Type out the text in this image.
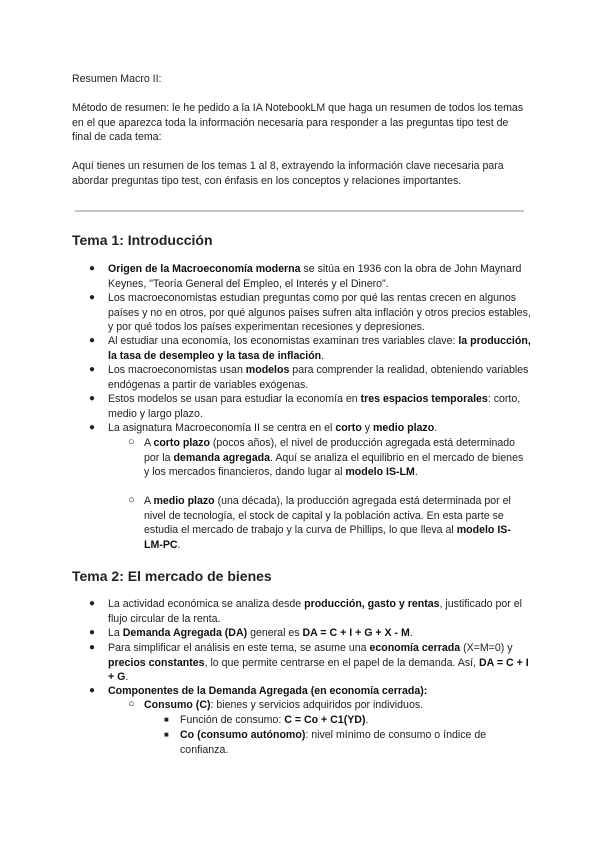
Resumen Macro II:

Método de resumen: le he pedido a la IA NotebookLM que haga un resumen de todos los temas en el que aparezca toda la información necesaria para responder a las preguntas tipo test de final de cada tema:

Aquí tienes un resumen de los temas 1 al 8, extrayendo la información clave necesaria para abordar preguntas tipo test, con énfasis en los conceptos y relaciones importantes.

Tema 1: Introducción
● Origen de la Macroeconomía moderna se sitúa en 1936 con la obra de John Maynard Keynes, "Teoría General del Empleo, el Interés y el Dinero".
● Los macroeconomistas estudian preguntas como por qué las rentas crecen en algunos países y no en otros, por qué algunos países sufren alta inflación y otros precios estables, y por qué todos los países experimentan recesiones y depresiones.
● Al estudiar una economía, los economistas examinan tres variables clave: la producción, la tasa de desempleo y la tasa de inflación.
● Los macroeconomistas usan modelos para comprender la realidad, obteniendo variables endógenas a partir de variables exógenas.
● Estos modelos se usan para estudiar la economía en tres espacios temporales: corto, medio y largo plazo.
● La asignatura Macroeconomía II se centra en el corto y medio plazo.
○ A corto plazo (pocos años), el nivel de producción agregada está determinado por la demanda agregada. Aquí se analiza el equilibrio en el mercado de bienes y los mercados financieros, dando lugar al modelo IS-LM.
○ A medio plazo (una década), la producción agregada está determinada por el nivel de tecnología, el stock de capital y la población activa. En esta parte se estudia el mercado de trabajo y la curva de Phillips, lo que lleva al modelo IS-LM-PC.
Tema 2: El mercado de bienes
● La actividad económica se analiza desde producción, gasto y rentas, justificado por el flujo circular de la renta.
● La Demanda Agregada (DA) general es DA = C + I + G + X - M.
● Para simplificar el análisis en este tema, se asume una economía cerrada (X=M=0) y precios constantes, lo que permite centrarse en el papel de la demanda. Así, DA = C + I + G.
● Componentes de la Demanda Agregada (en economía cerrada):
○ Consumo (C): bienes y servicios adquiridos por individuos.
■ Función de consumo: C = Co + C1(YD).
■ Co (consumo autónomo): nivel mínimo de consumo o índice de confianza.
